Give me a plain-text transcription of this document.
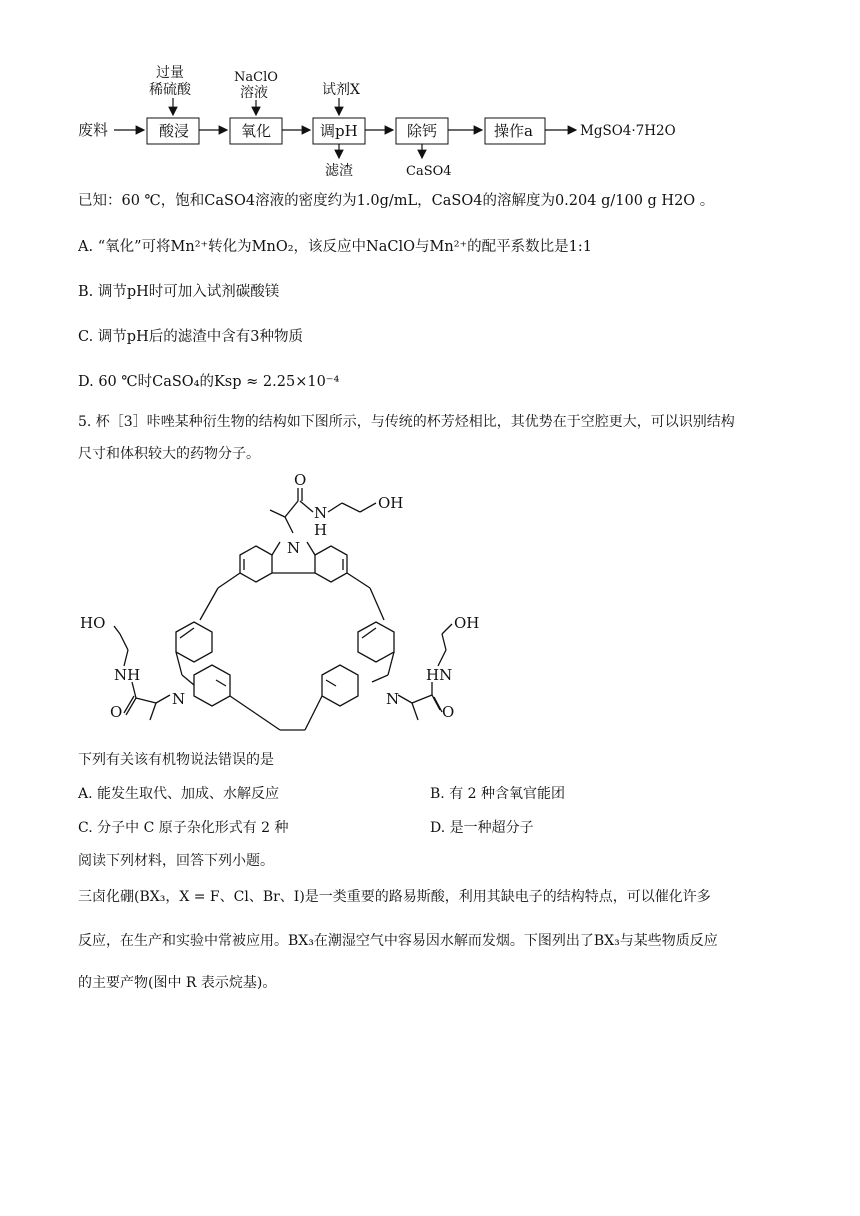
废料	酸浸	氧化	调pH	除钙	操作a	MgSO4·7H2O
过量
稀硫酸
NaClO
溶液	试剂X
滤渣	CaSO4
已知：60 ℃，饱和CaSO4溶液的密度约为1.0g/mL，CaSO4的溶解度为0.204 g/100 g H2O 。
A. “氧化”可将Mn²⁺转化为MnO₂，该反应中NaClO与Mn²⁺的配平系数比是1:1
B. 调节pH时可加入试剂碳酸镁
C. 调节pH后的滤渣中含有3种物质
D. 60 ℃时CaSO₄的Ksp ≈ 2.25×10⁻⁴
5. 杯［3］咔唑某种衍生物的结构如下图所示，与传统的杯芳烃相比，其优势在于空腔更大，可以识别结构
尺寸和体积较大的药物分子。
O
N
H
OH
N
HO	OH
NH	HN
N	N
O	O
下列有关该有机物说法错误的是
A. 能发生取代、加成、水解反应	B. 有 2 种含氧官能团
C. 分子中 C 原子杂化形式有 2 种	D. 是一种超分子
阅读下列材料，回答下列小题。
三卤化硼(BX₃，X = F、Cl、Br、I)是一类重要的路易斯酸，利用其缺电子的结构特点，可以催化许多
反应，在生产和实验中常被应用。BX₃在潮湿空气中容易因水解而发烟。下图列出了BX₃与某些物质反应
的主要产物(图中 R 表示烷基)。
